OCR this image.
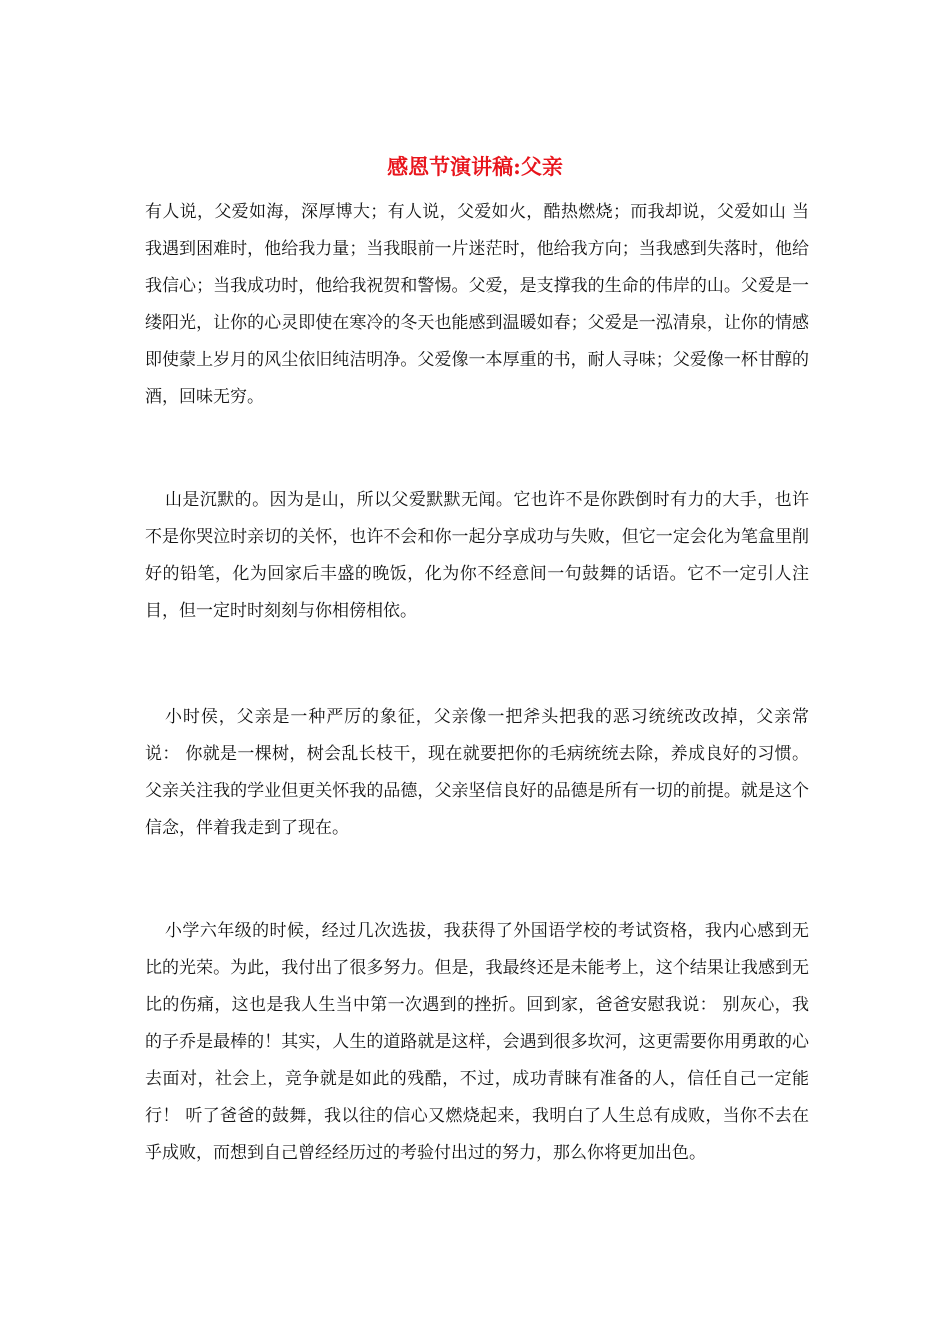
感恩节演讲稿:父亲

有人说，父爱如海，深厚博大；有人说，父爱如火，酷热燃烧；而我却说，父爱如山 当我遇到困难时，他给我力量；当我眼前一片迷茫时，他给我方向；当我感到失落时，他给我信心；当我成功时，他给我祝贺和警惕。父爱，是支撑我的生命的伟岸的山。父爱是一缕阳光，让你的心灵即使在寒冷的冬天也能感到温暖如春；父爱是一泓清泉，让你的情感即使蒙上岁月的风尘依旧纯洁明净。父爱像一本厚重的书，耐人寻味；父爱像一杯甘醇的酒，回味无穷。

山是沉默的。因为是山，所以父爱默默无闻。它也许不是你跌倒时有力的大手，也许不是你哭泣时亲切的关怀，也许不会和你一起分享成功与失败，但它一定会化为笔盒里削好的铅笔，化为回家后丰盛的晚饭，化为你不经意间一句鼓舞的话语。它不一定引人注目，但一定时时刻刻与你相傍相依。

小时侯，父亲是一种严厉的象征，父亲像一把斧头把我的恶习统统改改掉，父亲常说： 你就是一棵树，树会乱长枝干，现在就要把你的毛病统统去除，养成良好的习惯。父亲关注我的学业但更关怀我的品德，父亲坚信良好的品德是所有一切的前提。就是这个信念，伴着我走到了现在。

小学六年级的时候，经过几次选拔，我获得了外国语学校的考试资格，我内心感到无比的光荣。为此，我付出了很多努力。但是，我最终还是未能考上，这个结果让我感到无比的伤痛，这也是我人生当中第一次遇到的挫折。回到家，爸爸安慰我说： 别灰心，我的子乔是最棒的！其实，人生的道路就是这样，会遇到很多坎河，这更需要你用勇敢的心去面对，社会上，竞争就是如此的残酷，不过，成功青睐有准备的人，信任自己一定能行！ 听了爸爸的鼓舞，我以往的信心又燃烧起来，我明白了人生总有成败，当你不去在乎成败，而想到自己曾经经历过的考验付出过的努力，那么你将更加出色。
